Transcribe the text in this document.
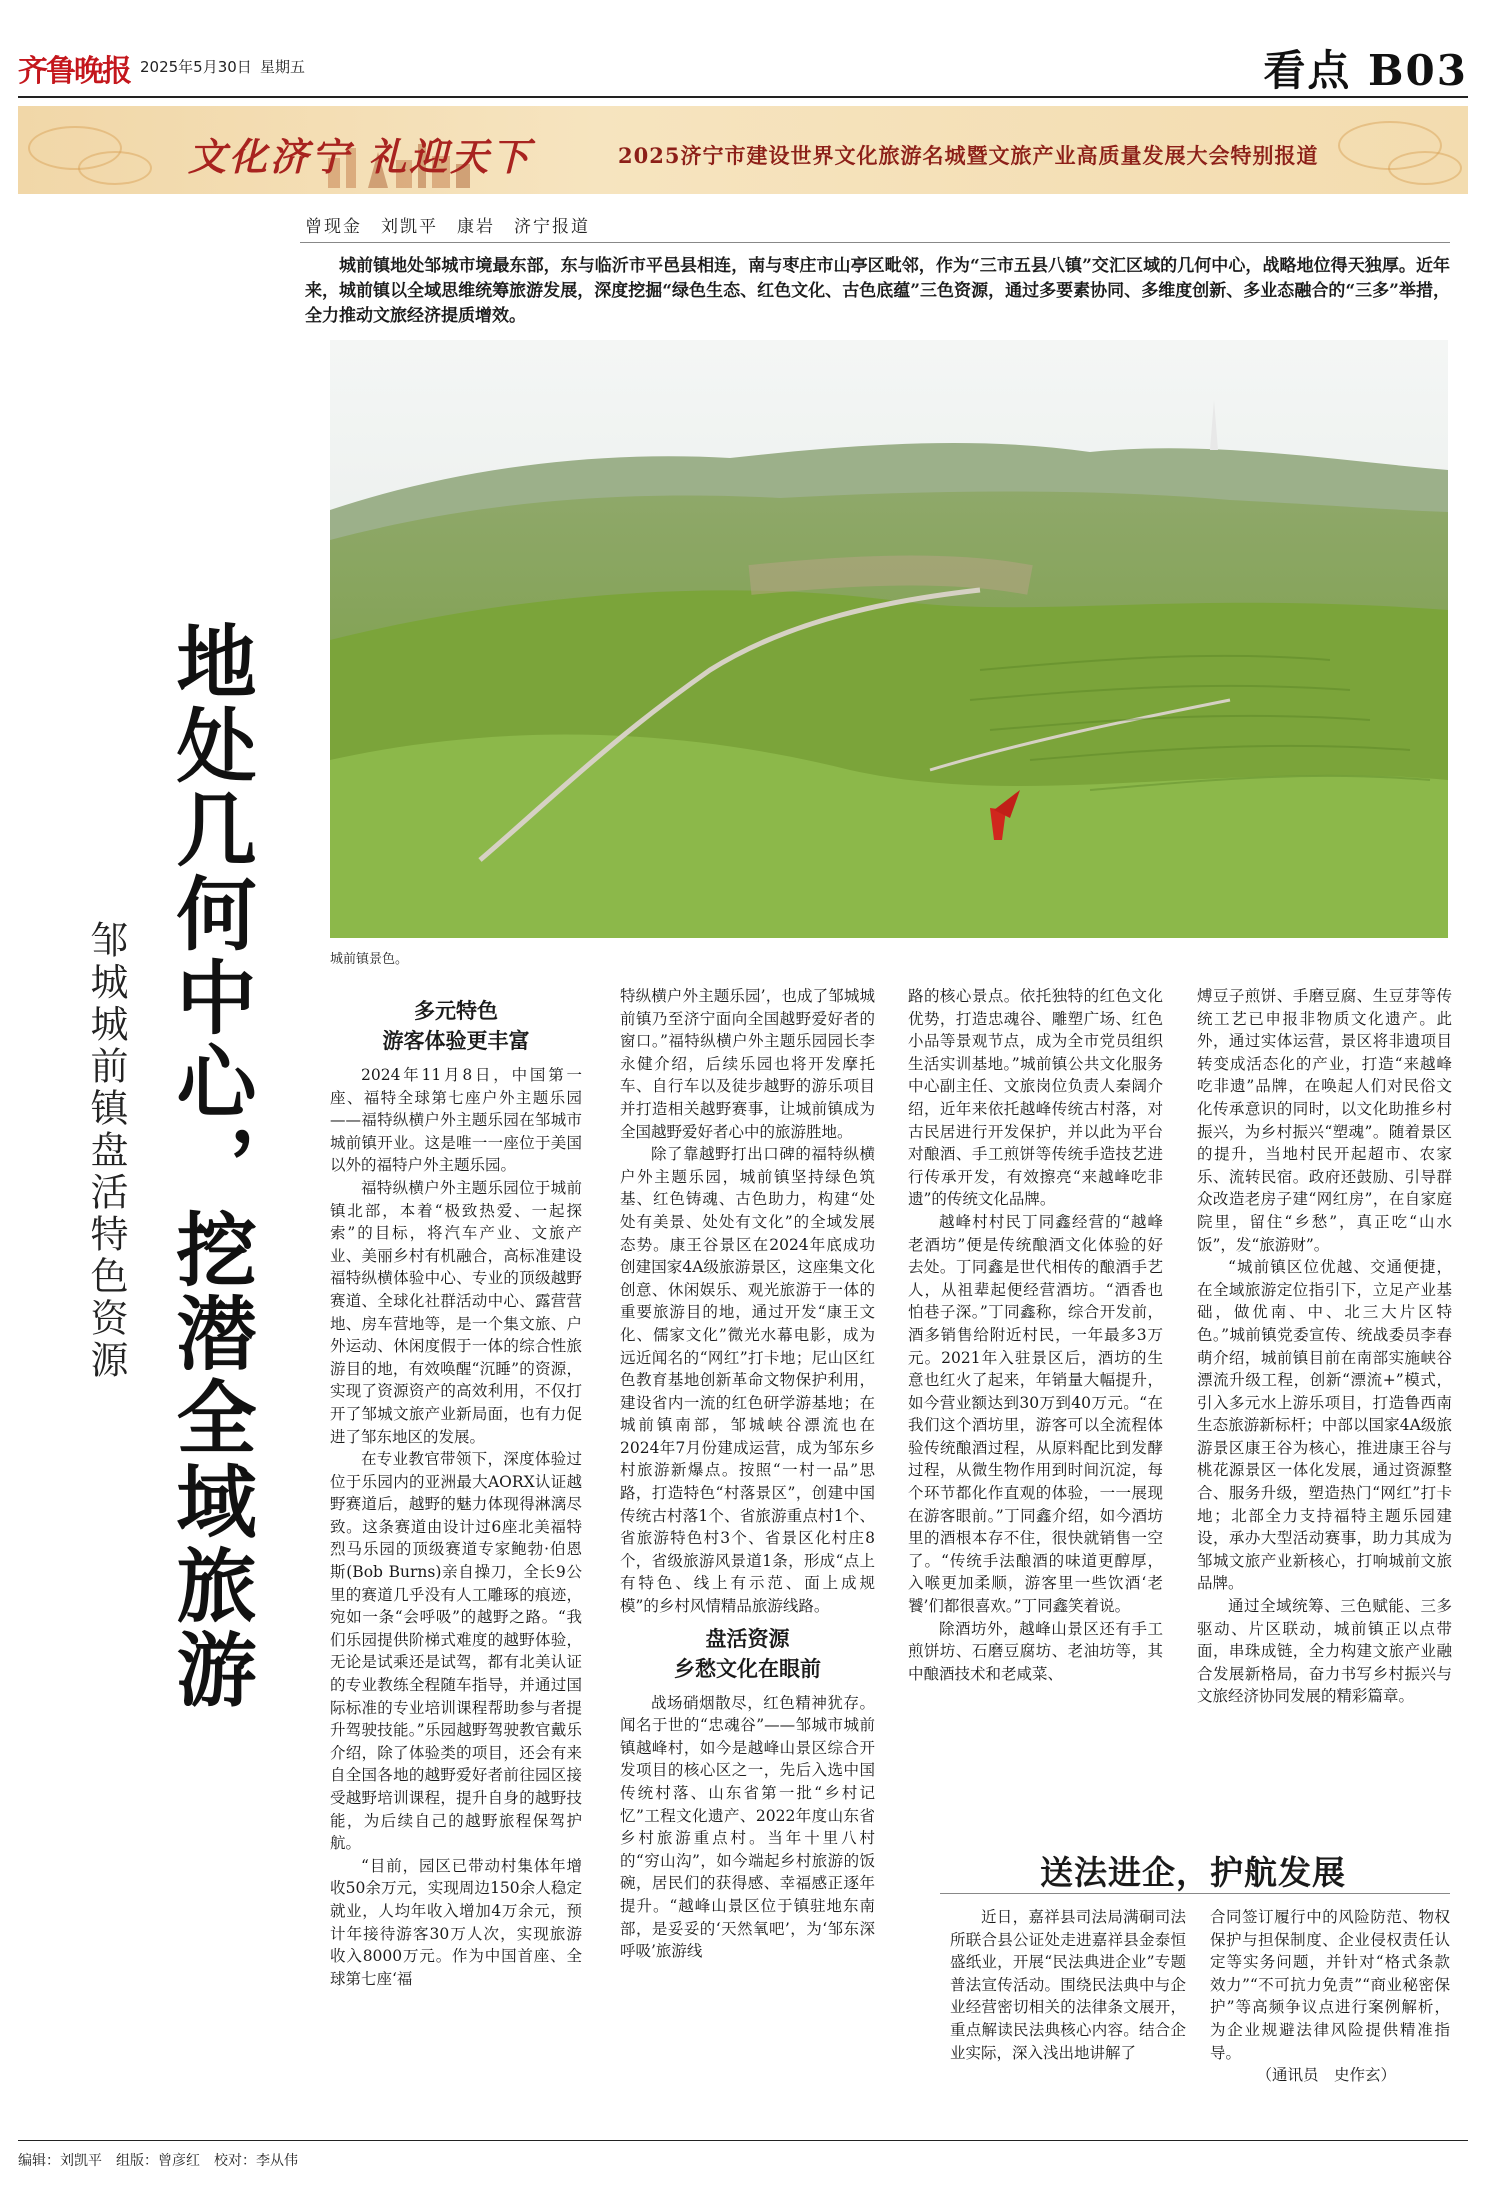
齐鲁晚报 2025年5月30日 星期五	看点 B03
文化济宁 礼迎天下	2025济宁市建设世界文化旅游名城暨文旅产业高质量发展大会特别报道
曾现金　刘凯平　康岩　济宁报道
城前镇地处邹城市境最东部，东与临沂市平邑县相连，南与枣庄市山亭区毗邻，作为“三市五县八镇”交汇区域的几何中心，战略地位得天独厚。近年来，城前镇以全域思维统筹旅游发展，深度挖掘“绿色生态、红色文化、古色底蕴”三色资源，通过多要素协同、多维度创新、多业态融合的“三多”举措，全力推动文旅经济提质增效。
地处几何中心，挖潜全域旅游
邹城城前镇盘活特色资源	城前镇景色。
多元特色
游客体验更丰富

2024年11月8日，中国第一座、福特全球第七座户外主题乐园——福特纵横户外主题乐园在邹城市城前镇开业。这是唯一一座位于美国以外的福特户外主题乐园。

福特纵横户外主题乐园位于城前镇北部，本着“极致热爱、一起探索”的目标，将汽车产业、文旅产业、美丽乡村有机融合，高标准建设福特纵横体验中心、专业的顶级越野赛道、全球化社群活动中心、露营营地、房车营地等，是一个集文旅、户外运动、休闲度假于一体的综合性旅游目的地，有效唤醒“沉睡”的资源，实现了资源资产的高效利用，不仅打开了邹城文旅产业新局面，也有力促进了邹东地区的发展。

在专业教官带领下，深度体验过位于乐园内的亚洲最大AORX认证越野赛道后，越野的魅力体现得淋漓尽致。这条赛道由设计过6座北美福特烈马乐园的顶级赛道专家鲍勃·伯恩斯(Bob Burns)亲自操刀，全长9公里的赛道几乎没有人工雕琢的痕迹，宛如一条“会呼吸”的越野之路。“我们乐园提供阶梯式难度的越野体验，无论是试乘还是试驾，都有北美认证的专业教练全程随车指导，并通过国际标准的专业培训课程帮助参与者提升驾驶技能。”乐园越野驾驶教官戴乐介绍，除了体验类的项目，还会有来自全国各地的越野爱好者前往园区接受越野培训课程，提升自身的越野技能，为后续自己的越野旅程保驾护航。

“目前，园区已带动村集体年增收50余万元，实现周边150余人稳定就业，人均年收入增加4万余元，预计年接待游客30万人次，实现旅游收入8000万元。作为中国首座、全球第七座‘福

特纵横户外主题乐园’，也成了邹城城前镇乃至济宁面向全国越野爱好者的窗口。”福特纵横户外主题乐园园长李永健介绍，后续乐园也将开发摩托车、自行车以及徒步越野的游乐项目并打造相关越野赛事，让城前镇成为全国越野爱好者心中的旅游胜地。

除了靠越野打出口碑的福特纵横户外主题乐园，城前镇坚持绿色筑基、红色铸魂、古色助力，构建“处处有美景、处处有文化”的全域发展态势。康王谷景区在2024年底成功创建国家4A级旅游景区，这座集文化创意、休闲娱乐、观光旅游于一体的重要旅游目的地，通过开发“康王文化、儒家文化”微光水幕电影，成为远近闻名的“网红”打卡地；尼山区红色教育基地创新革命文物保护利用，建设省内一流的红色研学游基地；在城前镇南部，邹城峡谷漂流也在2024年7月份建成运营，成为邹东乡村旅游新爆点。按照“一村一品”思路，打造特色“村落景区”，创建中国传统古村落1个、省旅游重点村1个、省旅游特色村3个、省景区化村庄8个，省级旅游风景道1条，形成“点上有特色、线上有示范、面上成规模”的乡村风情精品旅游线路。

盘活资源
乡愁文化在眼前

战场硝烟散尽，红色精神犹存。闻名于世的“忠魂谷”——邹城市城前镇越峰村，如今是越峰山景区综合开发项目的核心区之一，先后入选中国传统村落、山东省第一批“乡村记忆”工程文化遗产、2022年度山东省乡村旅游重点村。当年十里八村的“穷山沟”，如今端起乡村旅游的饭碗，居民们的获得感、幸福感正逐年提升。“越峰山景区位于镇驻地东南部，是妥妥的‘天然氧吧’，为‘邹东深呼吸’旅游线

路的核心景点。依托独特的红色文化优势，打造忠魂谷、雕塑广场、红色小品等景观节点，成为全市党员组织生活实训基地。”城前镇公共文化服务中心副主任、文旅岗位负责人秦阔介绍，近年来依托越峰传统古村落，对古民居进行开发保护，并以此为平台对酿酒、手工煎饼等传统手造技艺进行传承开发，有效擦亮“来越峰吃非遗”的传统文化品牌。

越峰村村民丁同鑫经营的“越峰老酒坊”便是传统酿酒文化体验的好去处。丁同鑫是世代相传的酿酒手艺人，从祖辈起便经营酒坊。“酒香也怕巷子深。”丁同鑫称，综合开发前，酒多销售给附近村民，一年最多3万元。2021年入驻景区后，酒坊的生意也红火了起来，年销量大幅提升，如今营业额达到30万到40万元。“在我们这个酒坊里，游客可以全流程体验传统酿酒过程，从原料配比到发酵过程，从微生物作用到时间沉淀，每个环节都化作直观的体验，一一展现在游客眼前。”丁同鑫介绍，如今酒坊里的酒根本存不住，很快就销售一空了。“传统手法酿酒的味道更醇厚，入喉更加柔顺，游客里一些饮酒‘老饕’们都很喜欢。”丁同鑫笑着说。

除酒坊外，越峰山景区还有手工煎饼坊、石磨豆腐坊、老油坊等，其中酿酒技术和老咸菜、

煿豆子煎饼、手磨豆腐、生豆芽等传统工艺已申报非物质文化遗产。此外，通过实体运营，景区将非遗项目转变成活态化的产业，打造“来越峰吃非遗”品牌，在唤起人们对民俗文化传承意识的同时，以文化助推乡村振兴，为乡村振兴“塑魂”。随着景区的提升，当地村民开起超市、农家乐、流转民宿。政府还鼓励、引导群众改造老房子建“网红房”，在自家庭院里，留住“乡愁”，真正吃“山水饭”，发“旅游财”。

“城前镇区位优越、交通便捷，在全域旅游定位指引下，立足产业基础，做优南、中、北三大片区特色。”城前镇党委宣传、统战委员李春萌介绍，城前镇目前在南部实施峡谷漂流升级工程，创新“漂流+”模式，引入多元水上游乐项目，打造鲁西南生态旅游新标杆；中部以国家4A级旅游景区康王谷为核心，推进康王谷与桃花源景区一体化发展，通过资源整合、服务升级，塑造热门“网红”打卡地；北部全力支持福特主题乐园建设，承办大型活动赛事，助力其成为邹城文旅产业新核心，打响城前文旅品牌。

通过全域统筹、三色赋能、三多驱动、片区联动，城前镇正以点带面，串珠成链，全力构建文旅产业融合发展新格局，奋力书写乡村振兴与文旅经济协同发展的精彩篇章。

送法进企，护航发展

近日，嘉祥县司法局满硐司法所联合县公证处走进嘉祥县金泰恒盛纸业，开展“民法典进企业”专题普法宣传活动。围绕民法典中与企业经营密切相关的法律条文展开，重点解读民法典核心内容。结合企业实际，深入浅出地讲解了

合同签订履行中的风险防范、物权保护与担保制度、企业侵权责任认定等实务问题，并针对“格式条款效力”“不可抗力免责”“商业秘密保护”等高频争议点进行案例解析，为企业规避法律风险提供精准指导。

（通讯员　史作玄）

编辑：刘凯平　组版：曾彦红　校对：李从伟
